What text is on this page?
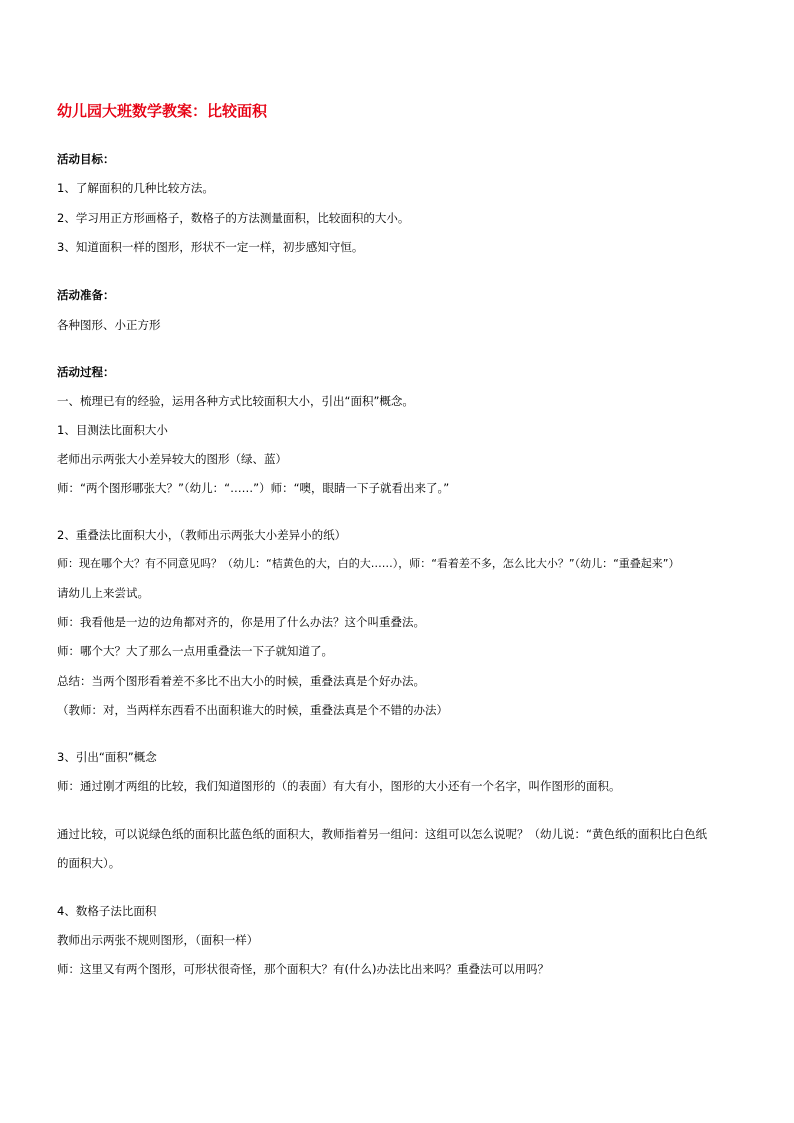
幼儿园大班数学教案：比较面积
活动目标：
1、了解面积的几种比较方法。
2、学习用正方形画格子，数格子的方法测量面积，比较面积的大小。
3、知道面积一样的图形，形状不一定一样，初步感知守恒。
活动准备：
各种图形、小正方形
活动过程：
一、梳理已有的经验，运用各种方式比较面积大小，引出“面积”概念。
1、目测法比面积大小
老师出示两张大小差异较大的图形（绿、蓝）
师：“两个图形哪张大？”（幼儿：“……”）师：“噢，眼睛一下子就看出来了。”
2、重叠法比面积大小，（教师出示两张大小差异小的纸）
师：现在哪个大？有不同意见吗？（幼儿：“桔黄色的大，白的大……），师：“看着差不多，怎么比大小？”（幼儿：“重叠起来”）
请幼儿上来尝试。
师：我看他是一边的边角都对齐的，你是用了什么办法？这个叫重叠法。
师：哪个大？大了那么一点用重叠法一下子就知道了。
总结：当两个图形看着差不多比不出大小的时候，重叠法真是个好办法。
（教师：对，当两样东西看不出面积谁大的时候，重叠法真是个不错的办法）
3、引出“面积”概念
师：通过刚才两组的比较，我们知道图形的（的表面）有大有小，图形的大小还有一个名字，叫作图形的面积。
通过比较，可以说绿色纸的面积比蓝色纸的面积大，教师指着另一组问：这组可以怎么说呢？（幼儿说：“黄色纸的面积比白色纸
的面积大）。
4、数格子法比面积
教师出示两张不规则图形，（面积一样）
师：这里又有两个图形，可形状很奇怪，那个面积大？有(什么)办法比出来吗？重叠法可以用吗？
